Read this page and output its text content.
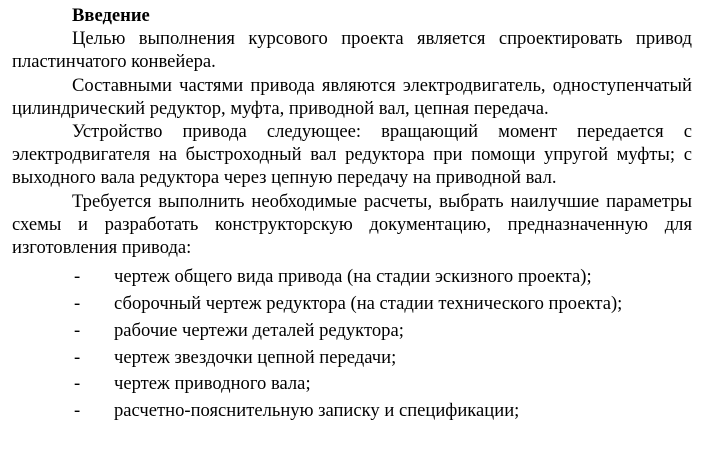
Введение

Целью выполнения курсового проекта является спроектировать привод пластинчатого конвейера.

Составными частями привода являются электродвигатель, одноступенчатый цилиндрический редуктор, муфта, приводной вал, цепная передача.

Устройство привода следующее: вращающий момент передается с электродвигателя на быстроходный вал редуктора при помощи упругой муфты; с выходного вала редуктора через цепную передачу на приводной вал.

Требуется выполнить необходимые расчеты, выбрать наилучшие параметры схемы и разработать конструкторскую документацию, предназначенную для изготовления привода:

-	чертеж общего вида привода (на стадии эскизного проекта);
-	сборочный чертеж редуктора (на стадии технического проекта);
-	рабочие чертежи деталей редуктора;
-	чертеж звездочки цепной передачи;
-	чертеж приводного вала;
-	расчетно-пояснительную записку и спецификации;
